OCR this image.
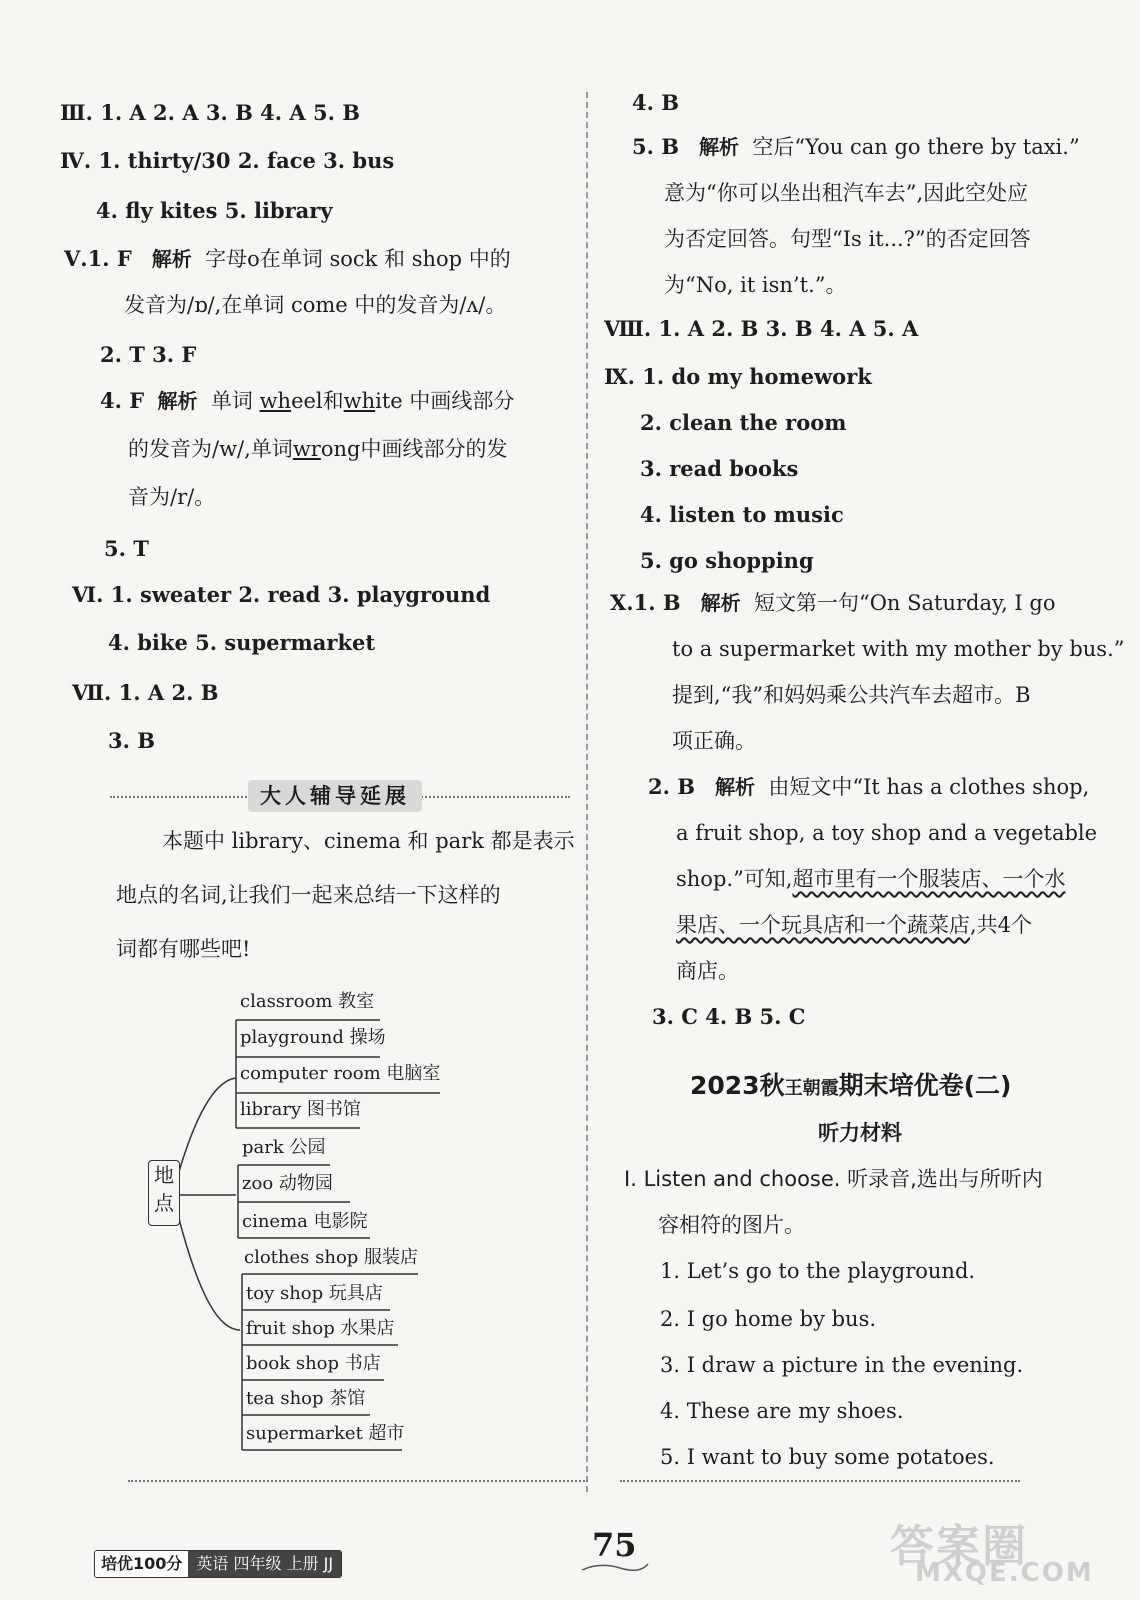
Ⅲ. 1. A 2. A 3. B 4. A 5. B
Ⅳ. 1. thirty/30 2. face 3. bus
4. fly kites 5. library
Ⅴ.1. F 解析 字母o在单词 sock 和 shop 中的
发音为/ɒ/,在单词 come 中的发音为/ʌ/。
2. T 3. F
4. F 解析 单词 wheel和white 中画线部分
的发音为/w/,单词wrong中画线部分的发
音为/r/。
5. T
Ⅵ. 1. sweater 2. read 3. playground
4. bike 5. supermarket
Ⅶ. 1. A 2. B
3. B
大人辅导延展
本题中 library、cinema 和 park 都是表示
地点的名词,让我们一起来总结一下这样的
词都有哪些吧!
地点
classroom 教室
playground 操场
computer room 电脑室
library 图书馆
park 公园
zoo 动物园
cinema 电影院
clothes shop 服装店
toy shop 玩具店
fruit shop 水果店
book shop 书店
tea shop 茶馆
supermarket 超市
4. B
5. B 解析 空后“You can go there by taxi.”
意为“你可以坐出租汽车去”,因此空处应
为否定回答。句型“Is it...?”的否定回答
为“No, it isn’t.”。
Ⅷ. 1. A 2. B 3. B 4. A 5. A
Ⅸ. 1. do my homework
2. clean the room
3. read books
4. listen to music
5. go shopping
Ⅹ.1. B 解析 短文第一句“On Saturday, I go
to a supermarket with my mother by bus.”
提到,“我”和妈妈乘公共汽车去超市。B
项正确。
2. B 解析 由短文中“It has a clothes shop,
a fruit shop, a toy shop and a vegetable
shop.”可知,超市里有一个服装店、一个水
果店、一个玩具店和一个蔬菜店,共4个
商店。
3. C 4. B 5. C
2023秋王朝霞期末培优卷(二)
听力材料
Ⅰ. Listen and choose. 听录音,选出与所听内
容相符的图片。
1. Let’s go to the playground.
2. I go home by bus.
3. I draw a picture in the evening.
4. These are my shoes.
5. I want to buy some potatoes.
培优100分 英语 四年级 上册 JJ	75	答案圈
MXQE.COM
